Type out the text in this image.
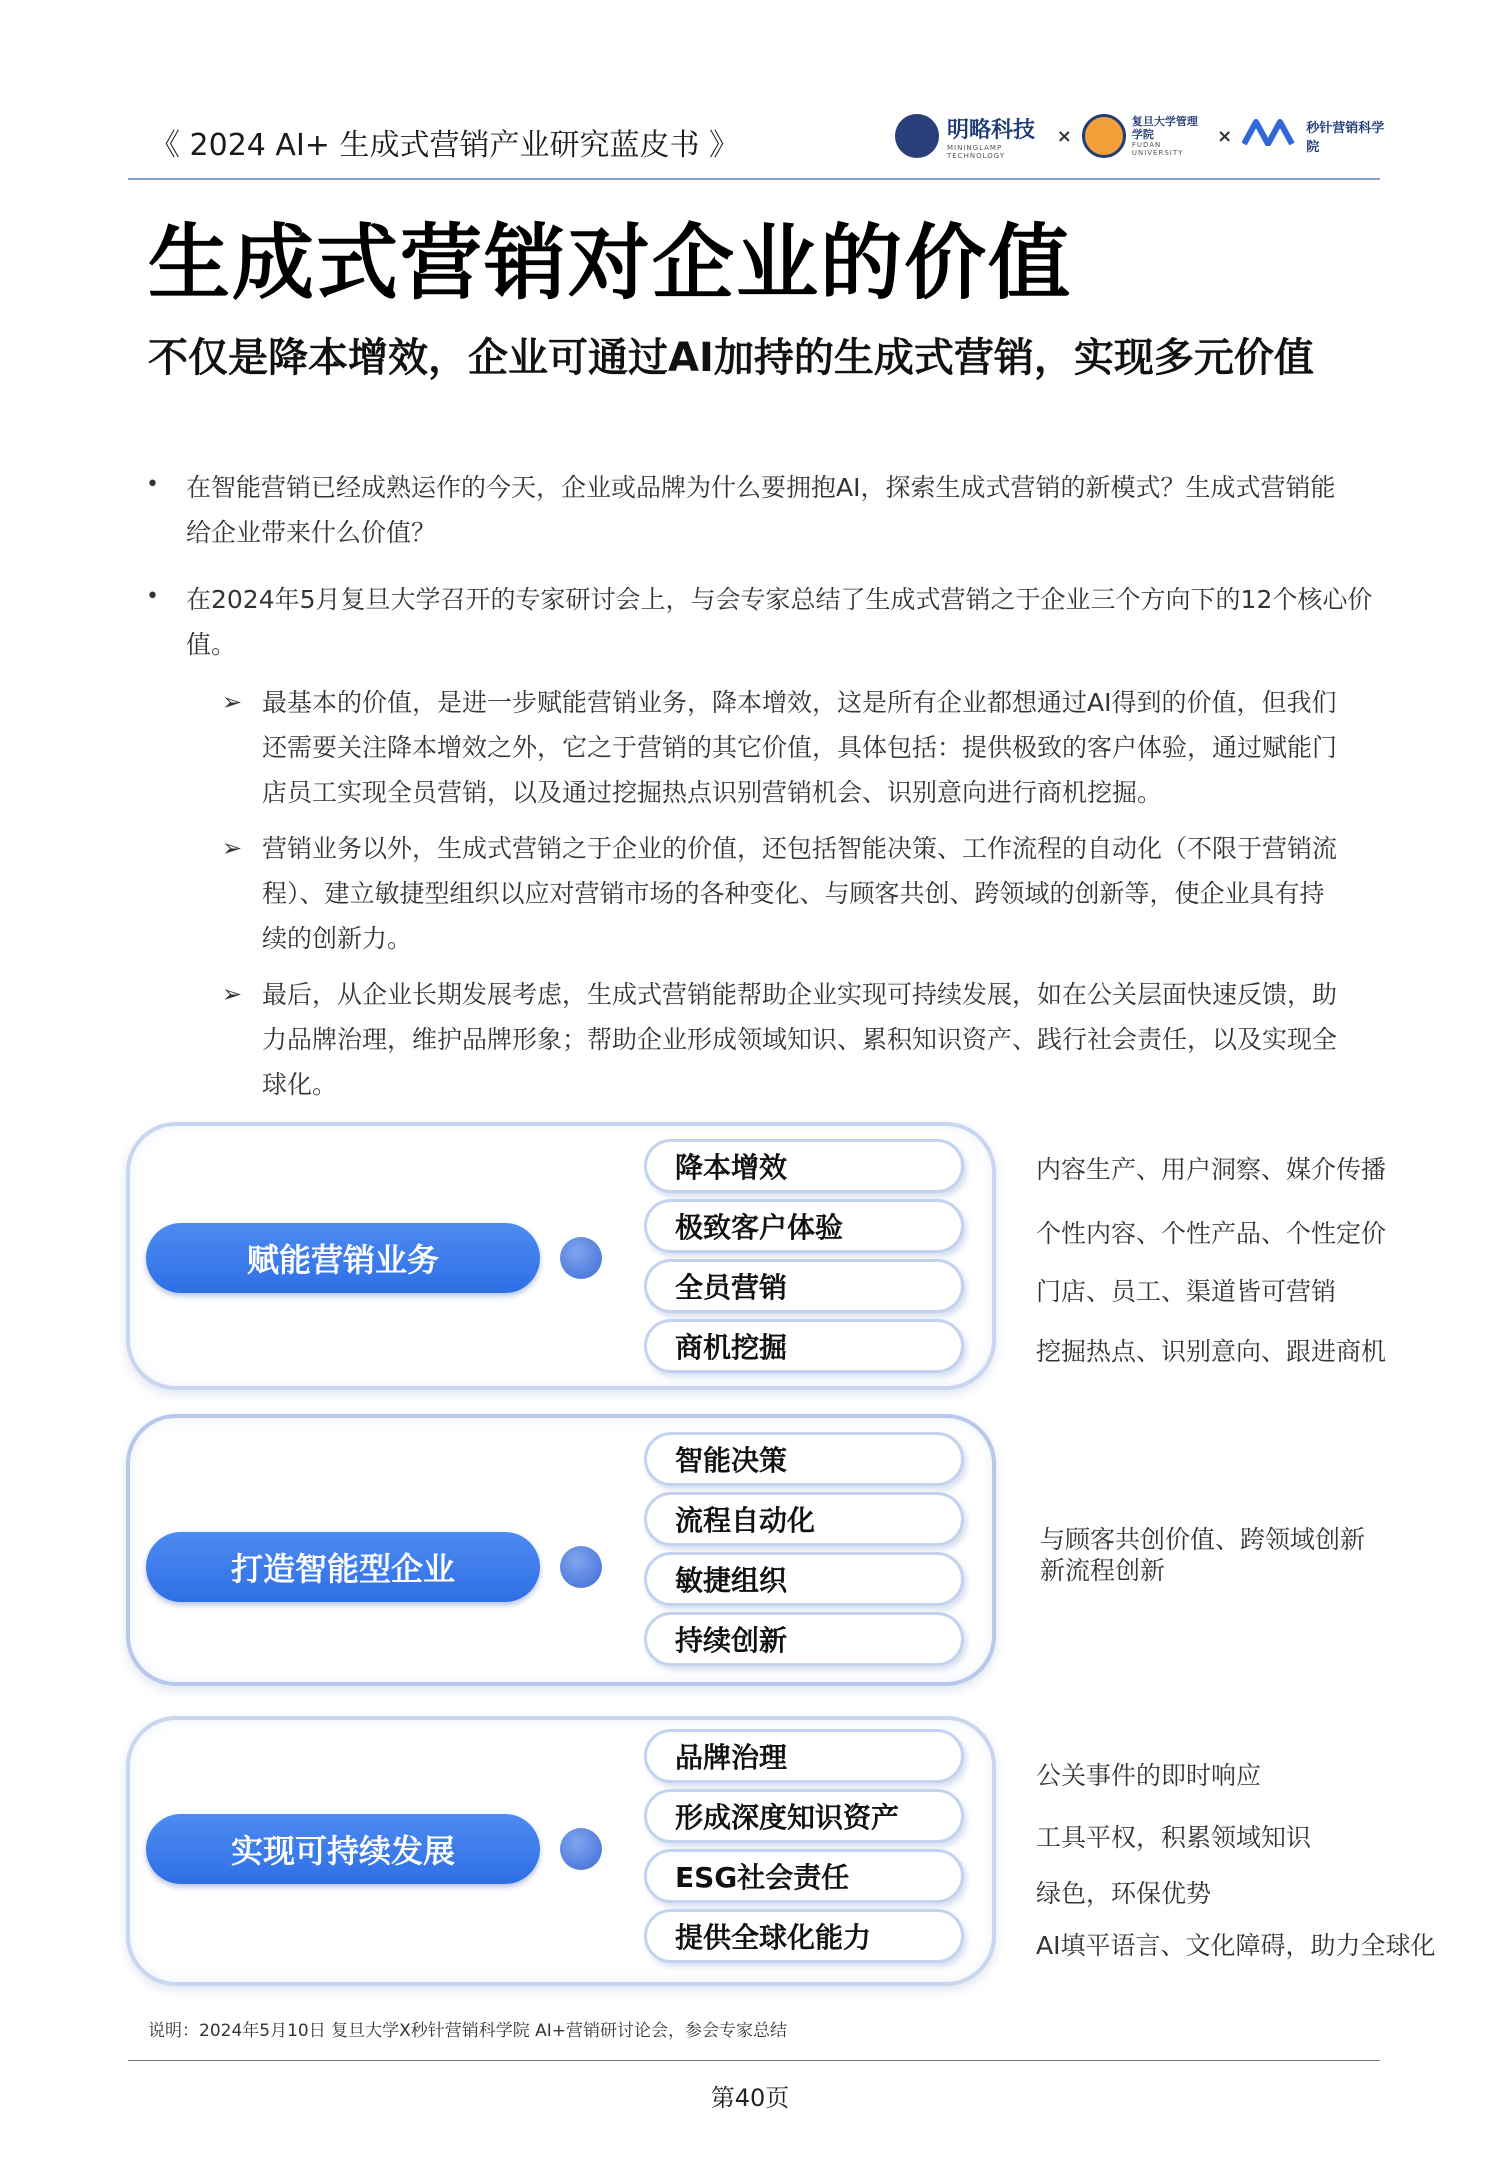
《 2024 AI+ 生成式营销产业研究蓝皮书 》	明略科技
MININGLAMP TECHNOLOGY
×
复旦大学管理学院
FUDAN UNIVERSITY
×	秒针营销科学院
生成式营销对企业的价值
不仅是降本增效，企业可通过AI加持的生成式营销，实现多元价值
• 在智能营销已经成熟运作的今天，企业或品牌为什么要拥抱AI，探索生成式营销的新模式？生成式营销能
给企业带来什么价值？
• 在2024年5月复旦大学召开的专家研讨会上，与会专家总结了生成式营销之于企业三个方向下的12个核心价
值。
➢ 最基本的价值，是进一步赋能营销业务，降本增效，这是所有企业都想通过AI得到的价值，但我们
还需要关注降本增效之外，它之于营销的其它价值，具体包括：提供极致的客户体验，通过赋能门
店员工实现全员营销，以及通过挖掘热点识别营销机会、识别意向进行商机挖掘。
➢ 营销业务以外，生成式营销之于企业的价值，还包括智能决策、工作流程的自动化（不限于营销流
程）、建立敏捷型组织以应对营销市场的各种变化、与顾客共创、跨领域的创新等，使企业具有持
续的创新力。
➢ 最后，从企业长期发展考虑，生成式营销能帮助企业实现可持续发展，如在公关层面快速反馈，助
力品牌治理，维护品牌形象；帮助企业形成领域知识、累积知识资产、践行社会责任，以及实现全
球化。
赋能营销业务
降本增效
极致客户体验
全员营销
商机挖掘
内容生产、用户洞察、媒介传播
个性内容、个性产品、个性定价
门店、员工、渠道皆可营销
挖掘热点、识别意向、跟进商机
打造智能型企业
智能决策
流程自动化
敏捷组织
持续创新
与顾客共创价值、跨领域创新
新流程创新
实现可持续发展
品牌治理
形成深度知识资产
ESG社会责任
提供全球化能力
公关事件的即时响应
工具平权，积累领域知识
绿色，环保优势
AI填平语言、文化障碍，助力全球化
说明：2024年5月10日 复旦大学X秒针营销科学院 AI+营销研讨论会，参会专家总结
第40页
